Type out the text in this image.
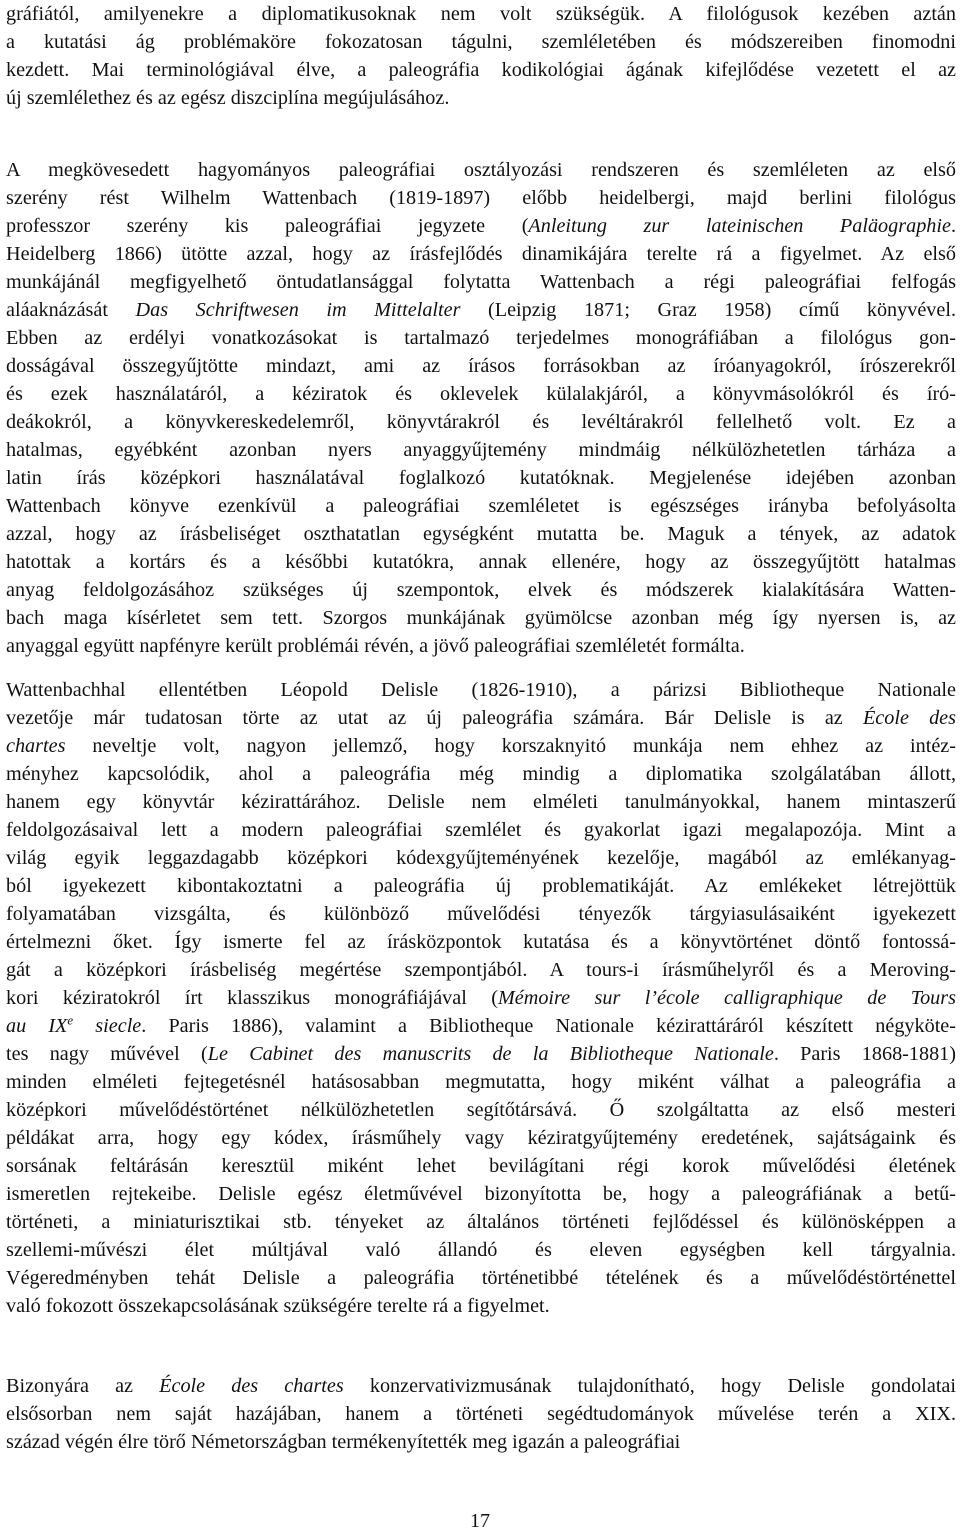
gráfiától, amilyenekre a diplomatikusoknak nem volt szükségük. A filológusok kezében aztán
a kutatási ág problémaköre fokozatosan tágulni, szemléletében és módszereiben finomodni
kezdett. Mai terminológiával élve, a paleográfia kodikológiai ágának kifejlődése vezetett el az
új szemlélethez és az egész diszciplína megújulásához.
A megkövesedett hagyományos paleográfiai osztályozási rendszeren és szemléleten az első
szerény rést Wilhelm Wattenbach (1819-1897) előbb heidelbergi, majd berlini filológus
professzor szerény kis paleográfiai jegyzete (Anleitung zur lateinischen Paläographie.
Heidelberg 1866) ütötte azzal, hogy az írásfejlődés dinamikájára terelte rá a figyelmet. Az első
munkájánál megfigyelhető öntudatlansággal folytatta Wattenbach a régi paleográfiai felfogás
aláaknázását Das Schriftwesen im Mittelalter (Leipzig 1871; Graz 1958) című könyvével.
Ebben az erdélyi vonatkozásokat is tartalmazó terjedelmes monográfiában a filológus gon-
dosságával összegyűjtötte mindazt, ami az írásos forrásokban az íróanyagokról, írószerekről
és ezek használatáról, a kéziratok és oklevelek külalakjáról, a könyvmásolókról és író-
deákokról, a könyvkereskedelemről, könyvtárakról és levéltárakról fellelhető volt. Ez a
hatalmas, egyébként azonban nyers anyaggyűjtemény mindmáig nélkülözhetetlen tárháza a
latin írás középkori használatával foglalkozó kutatóknak. Megjelenése idejében azonban
Wattenbach könyve ezenkívül a paleográfiai szemléletet is egészséges irányba befolyásolta
azzal, hogy az írásbeliséget oszthatatlan egységként mutatta be. Maguk a tények, az adatok
hatottak a kortárs és a későbbi kutatókra, annak ellenére, hogy az összegyűjtött hatalmas
anyag feldolgozásához szükséges új szempontok, elvek és módszerek kialakítására Watten-
bach maga kísérletet sem tett. Szorgos munkájának gyümölcse azonban még így nyersen is, az
anyaggal együtt napfényre került problémái révén, a jövő paleográfiai szemléletét formálta.
Wattenbachhal ellentétben Léopold Delisle (1826-1910), a párizsi Bibliotheque Nationale
vezetője már tudatosan törte az utat az új paleográfia számára. Bár Delisle is az École des
chartes neveltje volt, nagyon jellemző, hogy korszaknyitó munkája nem ehhez az intéz-
ményhez kapcsolódik, ahol a paleográfia még mindig a diplomatika szolgálatában állott,
hanem egy könyvtár kézirattárához. Delisle nem elméleti tanulmányokkal, hanem mintaszerű
feldolgozásaival lett a modern paleográfiai szemlélet és gyakorlat igazi megalapozója. Mint a
világ egyik leggazdagabb középkori kódexgyűjteményének kezelője, magából az emlékanyag-
ból igyekezett kibontakoztatni a paleográfia új problematikáját. Az emlékeket létrejöttük
folyamatában vizsgálta, és különböző művelődési tényezők tárgyiasulásaiként igyekezett
értelmezni őket. Így ismerte fel az írásközpontok kutatása és a könyvtörténet döntő fontossá-
gát a középkori írásbeliség megértése szempontjából. A tours-i írásműhelyről és a Meroving-
kori kéziratokról írt klasszikus monográfiájával (Mémoire sur l’école calligraphique de Tours
au IXe siecle. Paris 1886), valamint a Bibliotheque Nationale kézirattáráról készített négyköte-
tes nagy művével (Le Cabinet des manuscrits de la Bibliotheque Nationale. Paris 1868-1881)
minden elméleti fejtegetésnél hatásosabban megmutatta, hogy miként válhat a paleográfia a
középkori művelődéstörténet nélkülözhetetlen segítőtársává. Ő szolgáltatta az első mesteri
példákat arra, hogy egy kódex, írásműhely vagy kéziratgyűjtemény eredetének, sajátságaink és
sorsának feltárásán keresztül miként lehet bevilágítani régi korok művelődési életének
ismeretlen rejtekeibe. Delisle egész életművével bizonyította be, hogy a paleográfiának a betű-
történeti, a miniaturisztikai stb. tényeket az általános történeti fejlődéssel és különösképpen a
szellemi-művészi élet múltjával való állandó és eleven egységben kell tárgyalnia.
Végeredményben tehát Delisle a paleográfia történetibbé tételének és a művelődéstörténettel
való fokozott összekapcsolásának szükségére terelte rá a figyelmet.
Bizonyára az École des chartes konzervativizmusának tulajdonítható, hogy Delisle gondolatai
elsősorban nem saját hazájában, hanem a történeti segédtudományok művelése terén a XIX.
század végén élre törő Németországban termékenyítették meg igazán a paleográfiai
17
